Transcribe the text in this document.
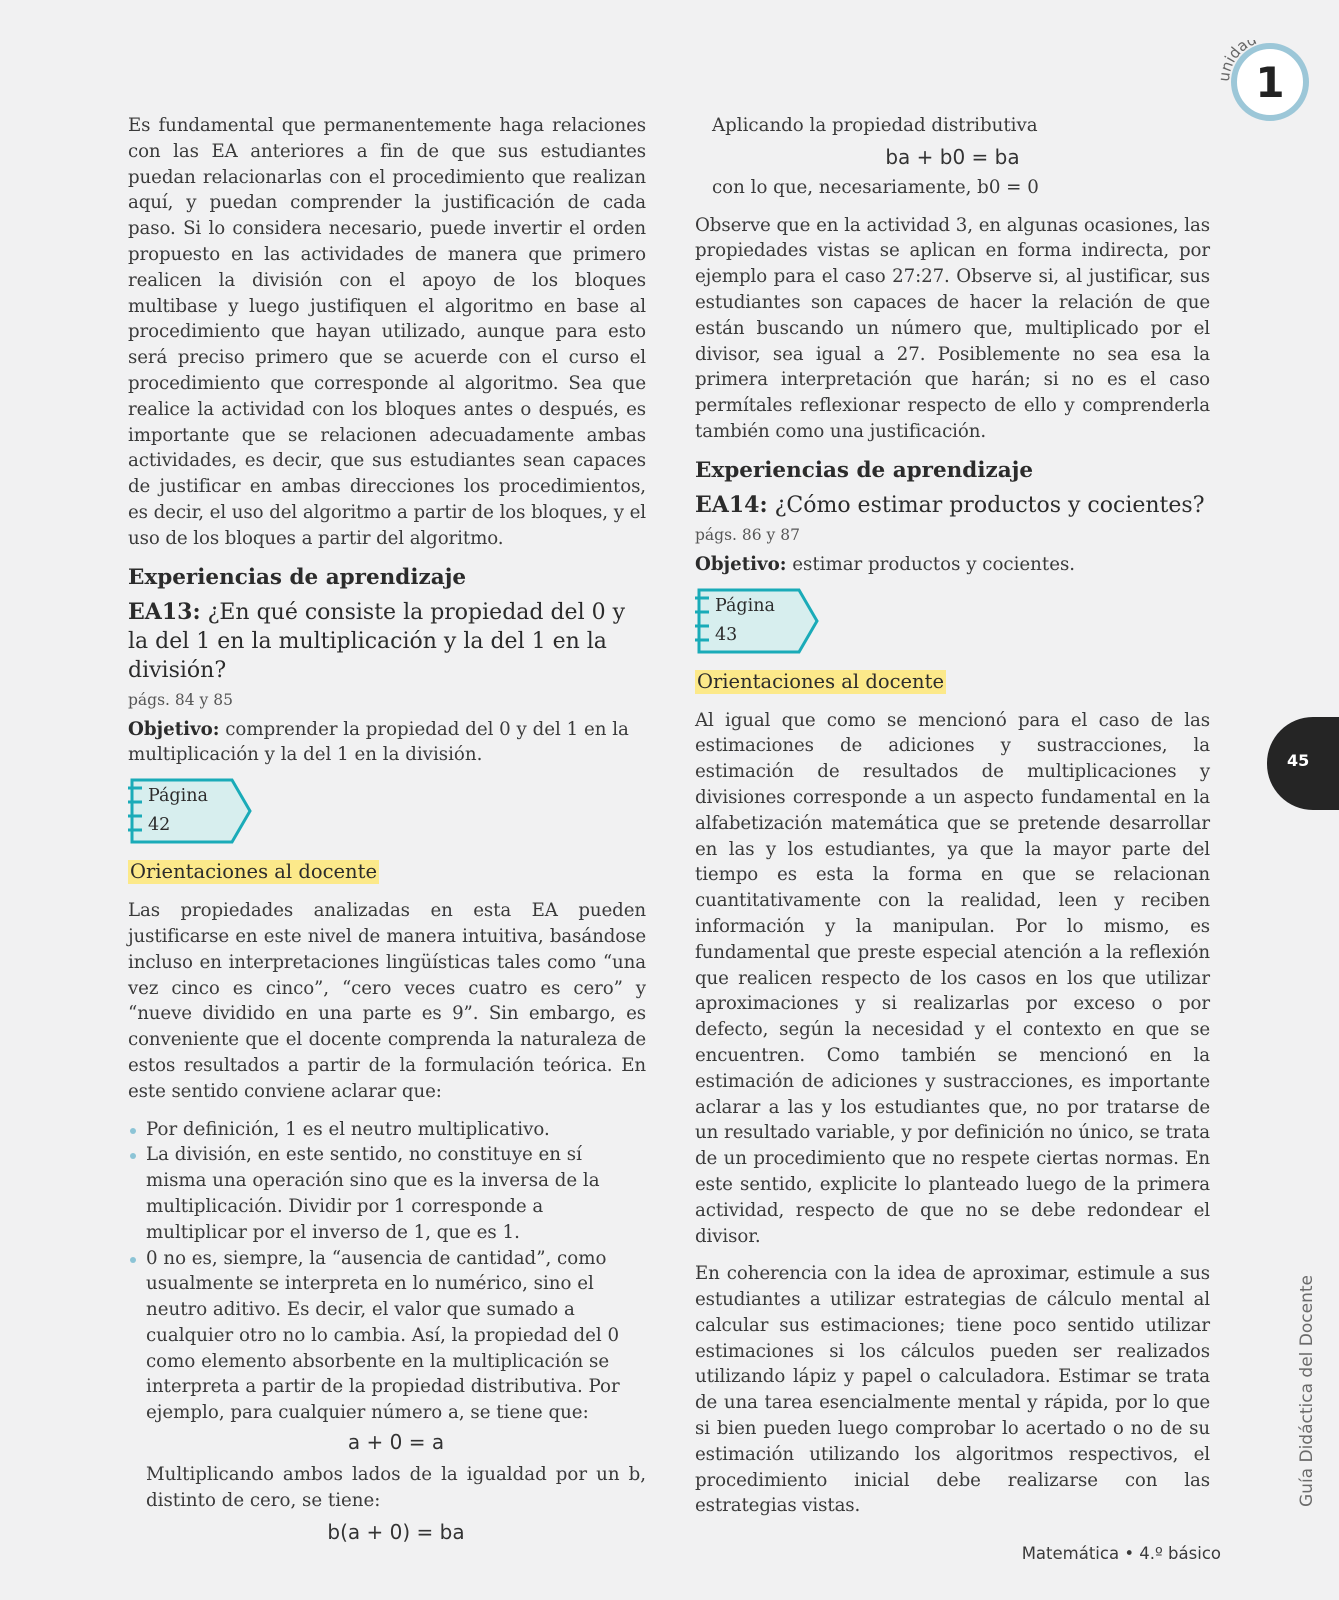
1
idad

Es fundamental que permanentemente haga relaciones con las EA anteriores a fin de que sus estudiantes puedan relacionarlas con el procedimiento que realizan aquí, y puedan comprender la justificación de cada paso. Si lo considera necesario, puede invertir el orden propuesto en las actividades de manera que primero realicen la división con el apoyo de los bloques multibase y luego justifiquen el algoritmo en base al procedimiento que hayan utilizado, aunque para esto será preciso primero que se acuerde con el curso el procedimiento que corresponde al algoritmo. Sea que realice la actividad con los bloques antes o después, es importante que se relacionen adecuadamente ambas actividades, es decir, que sus estudiantes sean capaces de justificar en ambas direcciones los procedimientos, es decir, el uso del algoritmo a partir de los bloques, y el uso de los bloques a partir del algoritmo.

Experiencias de aprendizaje
EA13: ¿En qué consiste la propiedad del 0 y la del 1 en la multiplicación y la del 1 en la división?
págs. 84 y 85
Objetivo: comprender la propiedad del 0 y del 1 en la multiplicación y la del 1 en la división.
Página
42
Orientaciones al docente

Las propiedades analizadas en esta EA pueden justificarse en este nivel de manera intuitiva, basándose incluso en interpretaciones lingüísticas tales como “una vez cinco es cinco”, “cero veces cuatro es cero” y “nueve dividido en una parte es 9”. Sin embargo, es conveniente que el docente comprenda la naturaleza de estos resultados a partir de la formulación teórica. En este sentido conviene aclarar que:

Por definición, 1 es el neutro multiplicativo.
La división, en este sentido, no constituye en sí misma una operación sino que es la inversa de la multiplicación. Dividir por 1 corresponde a multiplicar por el inverso de 1, que es 1.
0 no es, siempre, la “ausencia de cantidad”, como usualmente se interpreta en lo numérico, sino el neutro aditivo. Es decir, el valor que sumado a cualquier otro no lo cambia. Así, la propiedad del 0 como elemento absorbente en la multiplicación se interpreta a partir de la propiedad distributiva. Por ejemplo, para cualquier número a, se tiene que:
a + 0 = a

Multiplicando ambos lados de la igualdad por un b, distinto de cero, se tiene:

b(a + 0) = ba
Aplicando la propiedad distributiva
ba + b0 = ba
con lo que, necesariamente, b0 = 0

Observe que en la actividad 3, en algunas ocasiones, las propiedades vistas se aplican en forma indirecta, por ejemplo para el caso 27:27. Observe si, al justificar, sus estudiantes son capaces de hacer la relación de que están buscando un número que, multiplicado por el divisor, sea igual a 27. Posiblemente no sea esa la primera interpretación que harán; si no es el caso permítales reflexionar respecto de ello y comprenderla también como una justificación.

Experiencias de aprendizaje
EA14: ¿Cómo estimar productos y cocientes?
págs. 86 y 87
Objetivo: estimar productos y cocientes.
Página
43
Orientaciones al docente

Al igual que como se mencionó para el caso de las estimaciones de adiciones y sustracciones, la estimación de resultados de multiplicaciones y divisiones corresponde a un aspecto fundamental en la alfabetización matemática que se pretende desarrollar en las y los estudiantes, ya que la mayor parte del tiempo es esta la forma en que se relacionan cuantitativamente con la realidad, leen y reciben información y la manipulan. Por lo mismo, es fundamental que preste especial atención a la reflexión que realicen respecto de los casos en los que utilizar aproximaciones y si realizarlas por exceso o por defecto, según la necesidad y el contexto en que se encuentren. Como también se mencionó en la estimación de adiciones y sustracciones, es importante aclarar a las y los estudiantes que, no por tratarse de un resultado variable, y por definición no único, se trata de un procedimiento que no respete ciertas normas. En este sentido, explicite lo planteado luego de la primera actividad, respecto de que no se debe redondear el divisor.

En coherencia con la idea de aproximar, estimule a sus estudiantes a utilizar estrategias de cálculo mental al calcular sus estimaciones; tiene poco sentido utilizar estimaciones si los cálculos pueden ser realizados utilizando lápiz y papel o calculadora. Estimar se trata de una tarea esencialmente mental y rápida, por lo que si bien pueden luego comprobar lo acertado o no de su estimación utilizando los algoritmos respectivos, el procedimiento inicial debe realizarse con las estrategias vistas.

45
Guía Didáctica del Docente
Matemática • 4.º básico
